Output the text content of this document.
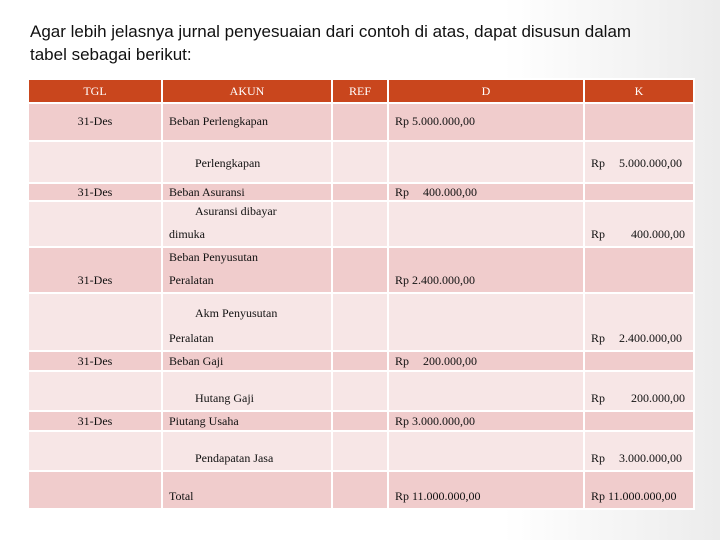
Agar lebih jelasnya jurnal penyesuaian dari contoh di atas, dapat disusun dalam
tabel sebagai berikut:
TGL	AKUN	REF	D	K

31-Des	Beban Perlengkapan		Rp 5.000.000,00	

	Perlengkapan			Rp 5.000.000,00

31-Des	Beban Asuransi		Rp 400.000,00	

	Asuransi dibayar
dimuka			Rp 400.000,00

31-Des	Beban Penyusutan
Peralatan		Rp 2.400.000,00	

	Akm Penyusutan
Peralatan			Rp 2.400.000,00

31-Des	Beban Gaji		Rp 200.000,00	

	Hutang Gaji			Rp 200.000,00

31-Des	Piutang Usaha		Rp 3.000.000,00	

	Pendapatan Jasa			Rp 3.000.000,00

	Total		Rp 11.000.000,00	Rp 11.000.000,00
